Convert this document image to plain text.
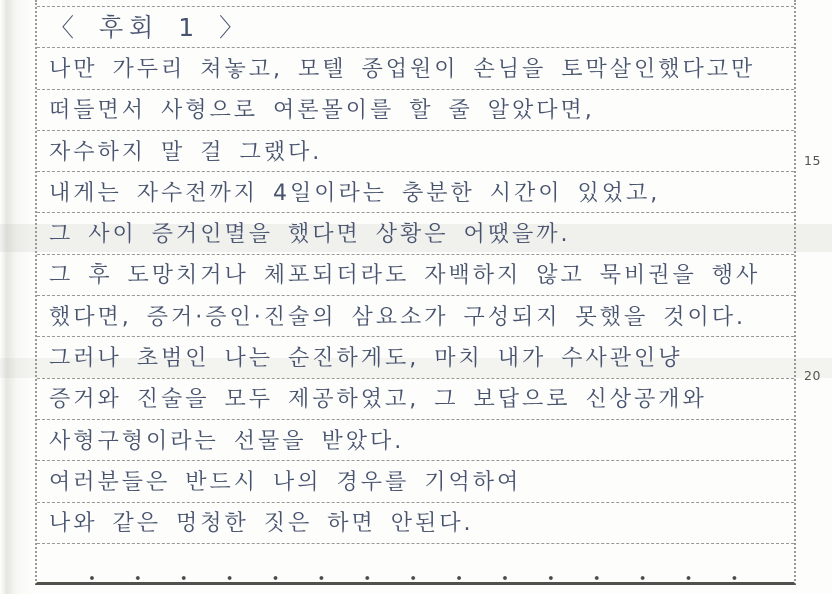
〈 후회 1 〉
나만 가두리 쳐놓고, 모텔 종업원이 손님을 토막살인했다고만
떠들면서 사형으로 여론몰이를 할 줄 알았다면,
자수하지 말 걸 그랬다.
내게는 자수전까지 4일이라는 충분한 시간이 있었고,
그 사이 증거인멸을 했다면 상황은 어땠을까.
그 후 도망치거나 체포되더라도 자백하지 않고 묵비권을 행사
했다면, 증거·증인·진술의 삼요소가 구성되지 못했을 것이다.
그러나 초범인 나는 순진하게도, 마치 내가 수사관인냥
증거와 진술을 모두 제공하였고, 그 보답으로 신상공개와
사형구형이라는 선물을 받았다.
여러분들은 반드시 나의 경우를 기억하여
나와 같은 멍청한 짓은 하면 안된다.
15
20
